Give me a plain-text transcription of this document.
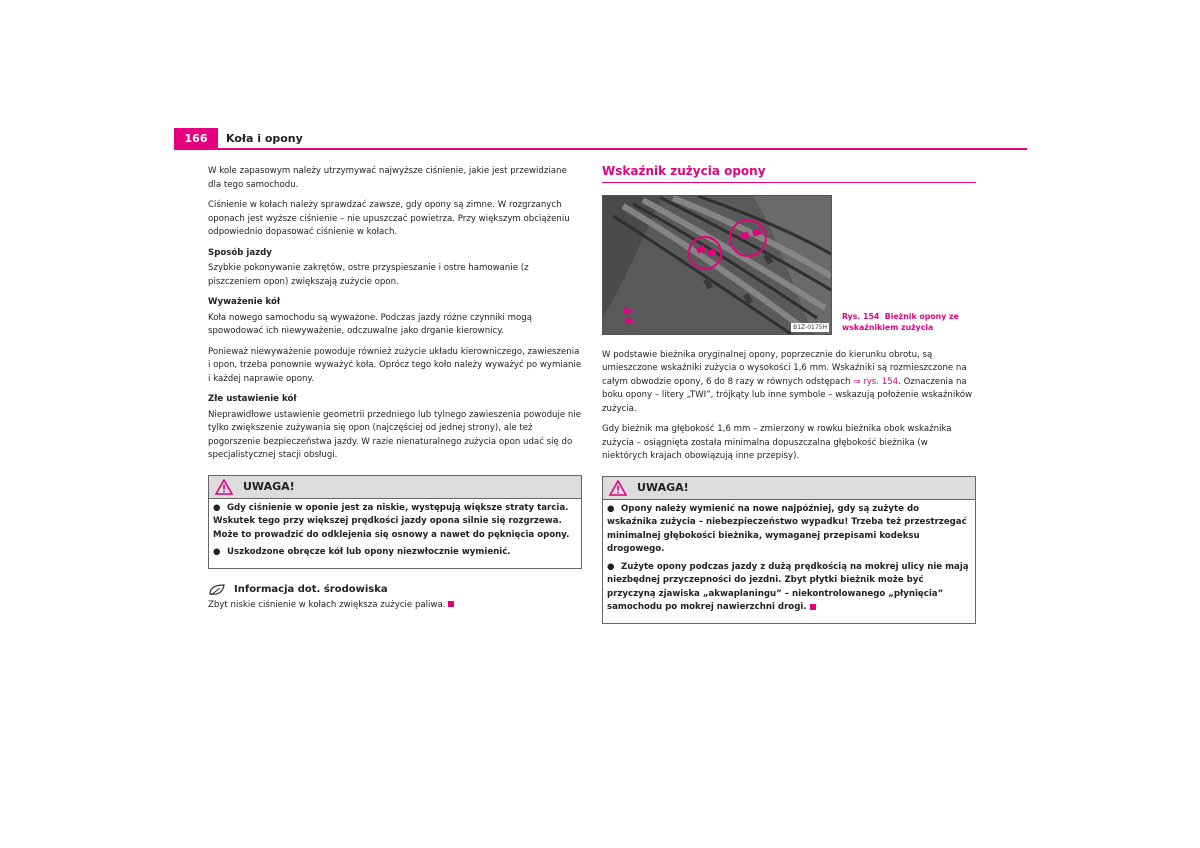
166	Koła i opony

W kole zapasowym należy utrzymywać najwyższe ciśnienie, jakie jest przewidziane dla tego samochodu.

Ciśnienie w kołach należy sprawdzać zawsze, gdy opony są zimne. W rozgrzanych oponach jest wyższe ciśnienie – nie upuszczać powietrza. Przy większym obciążeniu odpowiednio dopasować ciśnienie w kołach.

Sposób jazdy

Szybkie pokonywanie zakrętów, ostre przyspieszanie i ostre hamowanie (z piszczeniem opon) zwiększają zużycie opon.

Wyważenie kół

Koła nowego samochodu są wyważone. Podczas jazdy różne czynniki mogą spowodować ich niewyważenie, odczuwalne jako drganie kierownicy.

Ponieważ niewyważenie powoduje również zużycie układu kierowniczego, zawieszenia i opon, trzeba ponownie wyważyć koła. Oprócz tego koło należy wyważyć po wymianie i każdej naprawie opony.

Złe ustawienie kół

Nieprawidłowe ustawienie geometrii przedniego lub tylnego zawieszenia powoduje nie tylko zwiększenie zużywania się opon (najczęściej od jednej strony), ale też pogorszenie bezpieczeństwa jazdy. W razie nienaturalnego zużycia opon udać się do specjalistycznej stacji obsługi.

UWAGA!
● Gdy ciśnienie w oponie jest za niskie, występują większe straty tarcia. Wskutek tego przy większej prędkości jazdy opona silnie się rozgrzewa. Może to prowadzić do odklejenia się osnowy a nawet do pęknięcia opony.
● Uszkodzone obręcze kół lub opony niezwłocznie wymienić.
Informacja dot. środowiska
Zbyt niskie ciśnienie w kołach zwiększa zużycie paliwa.
Wskaźnik zużycia opony
B1Z-0175H
Rys. 154 Bieżnik opony ze wskaźnikiem zużycia

W podstawie bieżnika oryginalnej opony, poprzecznie do kierunku obrotu, są umieszczone wskaźniki zużycia o wysokości 1,6 mm. Wskaźniki są rozmieszczone na całym obwodzie opony, 6 do 8 razy w równych odstępach ⇒ rys. 154. Oznaczenia na boku opony – litery „TWI”, trójkąty lub inne symbole – wskazują położenie wskaźników zużycia.

Gdy bieżnik ma głębokość 1,6 mm – zmierzony w rowku bieżnika obok wskaźnika zużycia – osiągnięta została minimalna dopuszczalna głębokość bieżnika (w niektórych krajach obowiązują inne przepisy).

UWAGA!
● Opony należy wymienić na nowe najpóźniej, gdy są zużyte do wskaźnika zużycia – niebezpieczeństwo wypadku! Trzeba też przestrzegać minimalnej głębokości bieżnika, wymaganej przepisami kodeksu drogowego.
● Zużyte opony podczas jazdy z dużą prędkością na mokrej ulicy nie mają niezbędnej przyczepności do jezdni. Zbyt płytki bieżnik może być przyczyną zjawiska „akwaplaningu” – niekontrolowanego „płynięcia” samochodu po mokrej nawierzchni drogi.
